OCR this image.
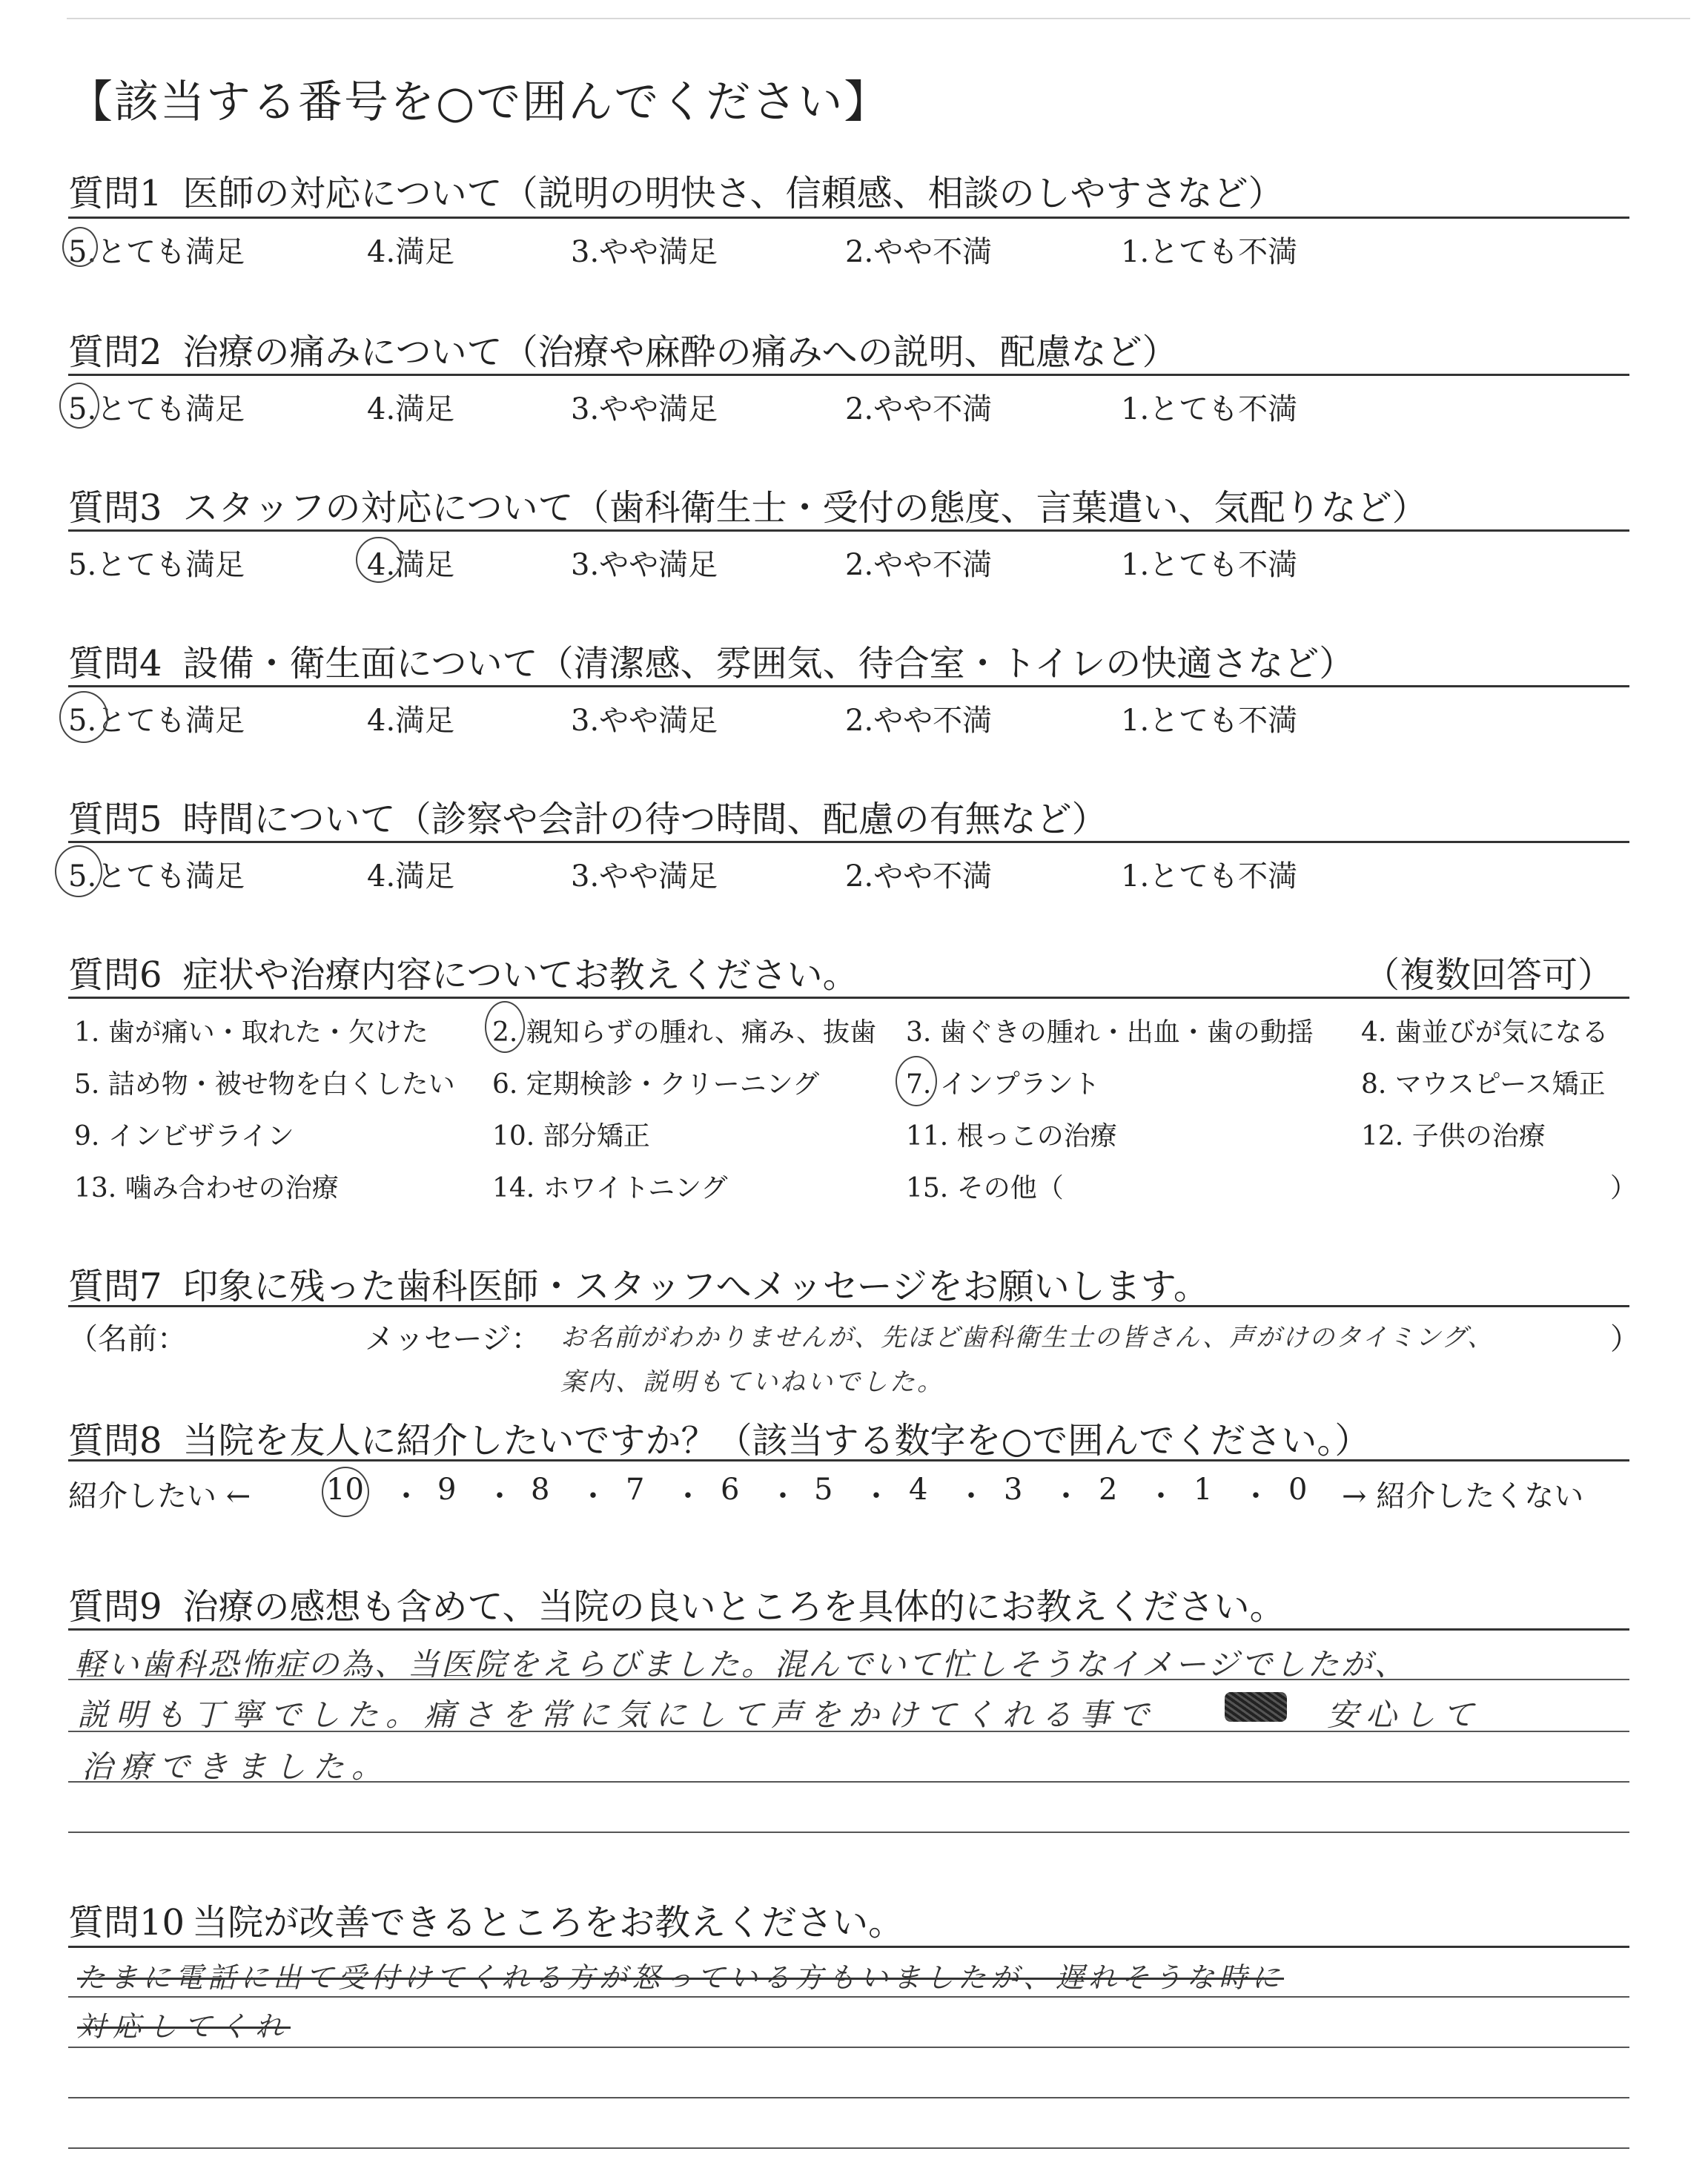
【該当する番号を○で囲んでください】
質問1 医師の対応について（説明の明快さ、信頼感、相談のしやすさなど）
5.とても満足	4.満足	3.やや満足	2.やや不満	1.とても不満
質問2 治療の痛みについて（治療や麻酔の痛みへの説明、配慮など）
5.とても満足	4.満足	3.やや満足	2.やや不満	1.とても不満
質問3 スタッフの対応について（歯科衛生士・受付の態度、言葉遣い、気配りなど）
5.とても満足	4.満足	3.やや満足	2.やや不満	1.とても不満
質問4 設備・衛生面について（清潔感、雰囲気、待合室・トイレの快適さなど）
5.とても満足	4.満足	3.やや満足	2.やや不満	1.とても不満
質問5 時間について（診察や会計の待つ時間、配慮の有無など）
5.とても満足	4.満足	3.やや満足	2.やや不満	1.とても不満
質問6 症状や治療内容についてお教えください。	（複数回答可）
1. 歯が痛い・取れた・欠けた 2. 親知らずの腫れ、痛み、抜歯 3. 歯ぐきの腫れ・出血・歯の動揺 4. 歯並びが気になる
5. 詰め物・被せ物を白くしたい 6. 定期検診・クリーニング	7. インプラント	8. マウスピース矯正
9. インビザライン	10. 部分矯正	11. 根っこの治療	12. 子供の治療
13. 噛み合わせの治療	14. ホワイトニング	15. その他（	）
質問7 印象に残った歯科医師・スタッフへメッセージをお願いします。
（名前：	メッセージ：	）
お名前がわかりませんが、先ほど歯科衛生士の皆さん、声がけのタイミング、
案内、説明もていねいでした。
質問8 当院を友人に紹介したいですか？（該当する数字を○で囲んでください。）
紹介したい ←	→ 紹介したくない
10 ・ 9 ・ 8 ・ 7 ・ 6 ・ 5 ・ 4 ・ 3 ・ 2 ・ 1 ・ 0
質問9 治療の感想も含めて、当院の良いところを具体的にお教えください。
軽い歯科恐怖症の為、当医院をえらびました。混んでいて忙しそうなイメージでしたが、
説明も丁寧でした。痛さを常に気にして声をかけてくれる事で	安心して
治療できました。
質問10 当院が改善できるところをお教えください。
たまに電話に出て受付けてくれる方が怒っている方もいましたが、遅れそうな時に
対応してくれ
